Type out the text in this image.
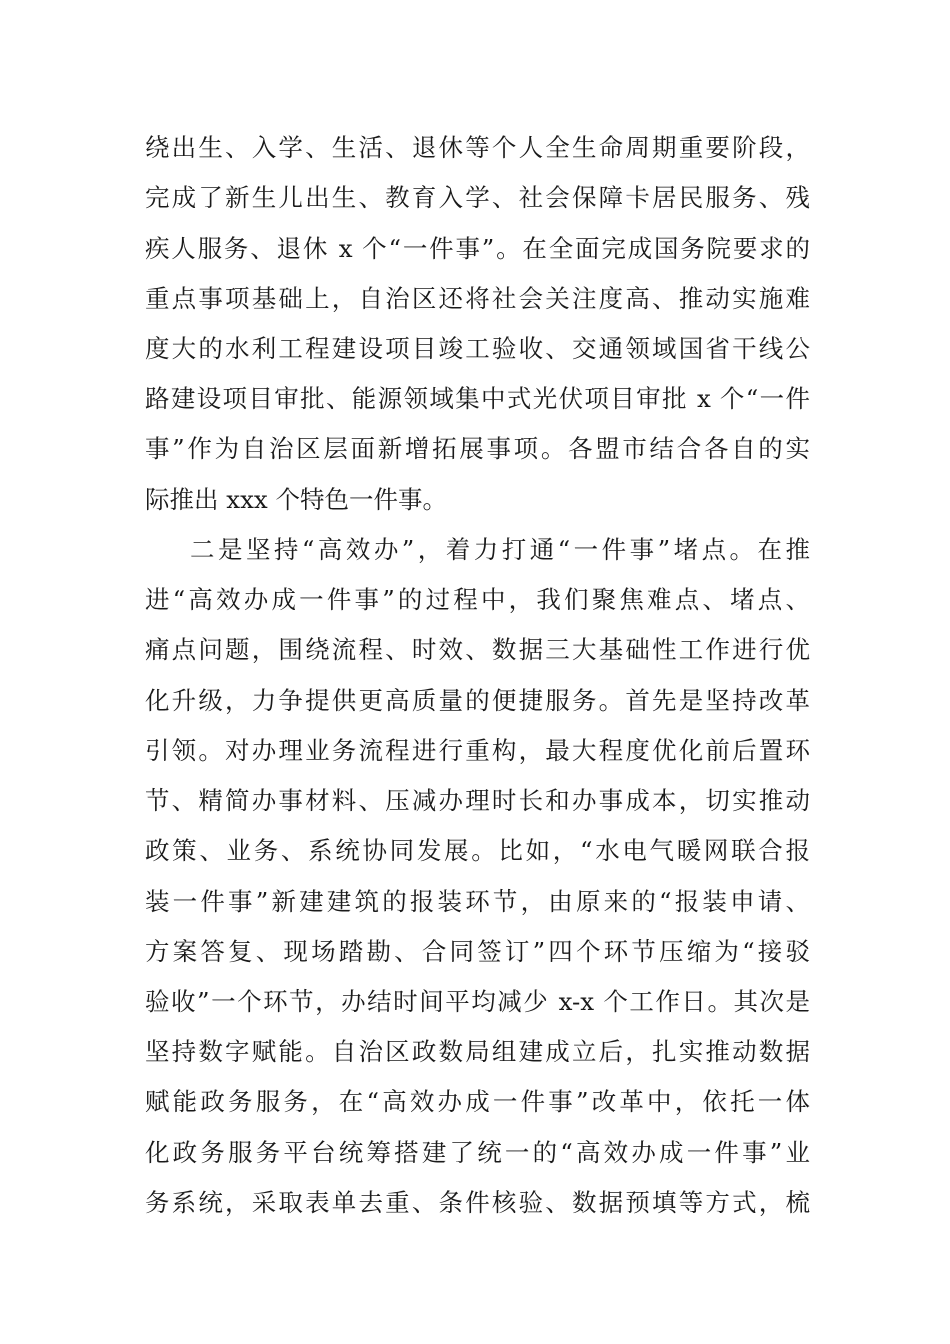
绕出生、入学、生活、退休等个人全生命周期重要阶段，
完成了新生儿出生、教育入学、社会保障卡居民服务、残
疾人服务、退休 x 个“一件事”。在全面完成国务院要求的
重点事项基础上，自治区还将社会关注度高、推动实施难
度大的水利工程建设项目竣工验收、交通领域国省干线公
路建设项目审批、能源领域集中式光伏项目审批 x 个“一件
事”作为自治区层面新增拓展事项。各盟市结合各自的实
际推出 xxx 个特色一件事。
二是坚持“高效办”，着力打通“一件事”堵点。在推
进“高效办成一件事”的过程中，我们聚焦难点、堵点、
痛点问题，围绕流程、时效、数据三大基础性工作进行优
化升级，力争提供更高质量的便捷服务。首先是坚持改革
引领。对办理业务流程进行重构，最大程度优化前后置环
节、精简办事材料、压减办理时长和办事成本，切实推动
政策、业务、系统协同发展。比如，“水电气暖网联合报
装一件事”新建建筑的报装环节，由原来的“报装申请、
方案答复、现场踏勘、合同签订”四个环节压缩为“接驳
验收”一个环节，办结时间平均减少 x-x 个工作日。其次是
坚持数字赋能。自治区政数局组建成立后，扎实推动数据
赋能政务服务，在“高效办成一件事”改革中，依托一体
化政务服务平台统筹搭建了统一的“高效办成一件事”业
务系统，采取表单去重、条件核验、数据预填等方式，梳
